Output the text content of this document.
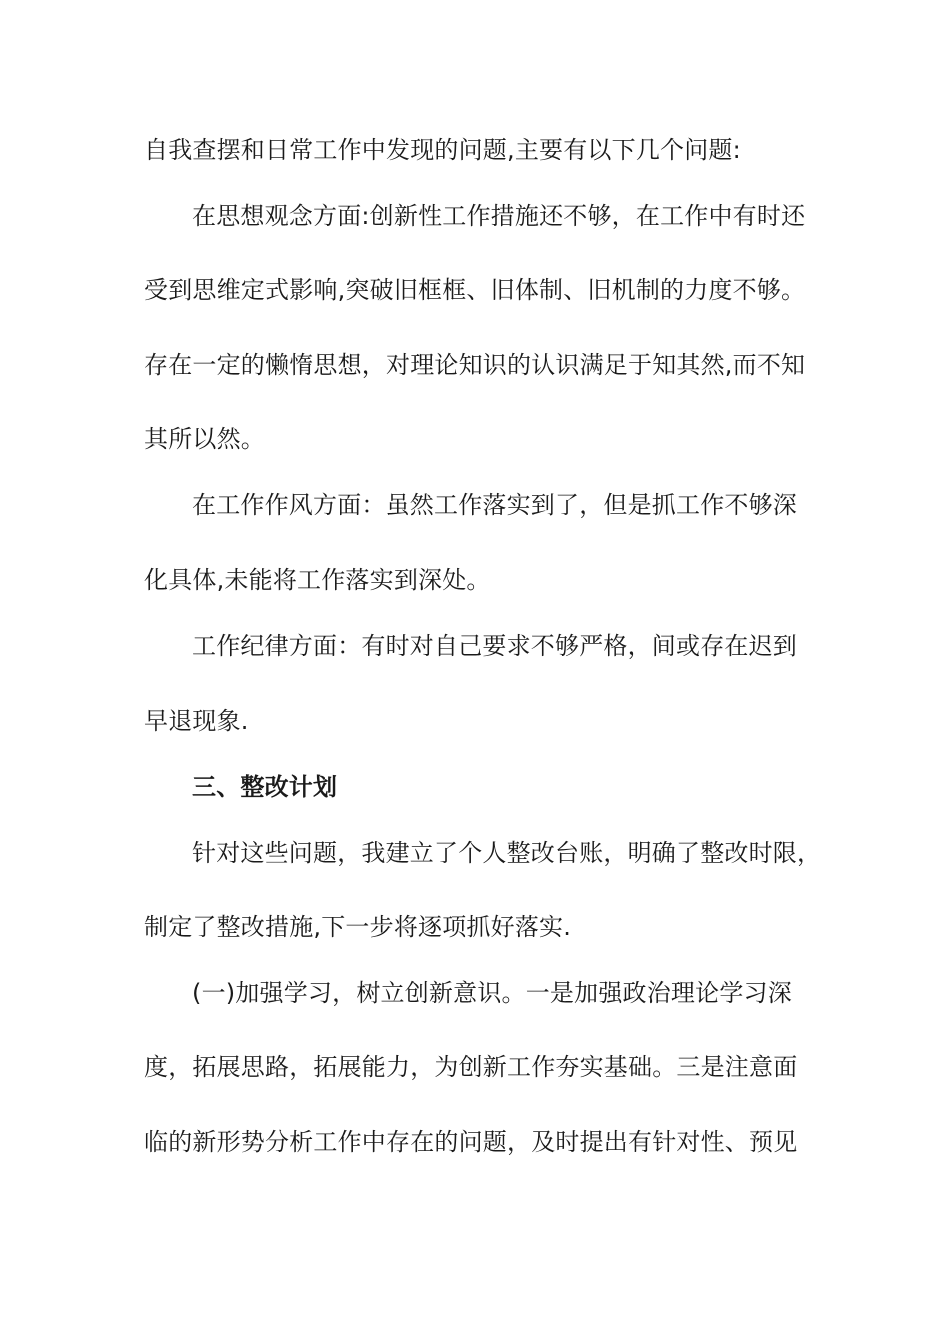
自我查摆和日常工作中发现的问题,主要有以下几个问题:
在思想观念方面:创新性工作措施还不够，在工作中有时还
受到思维定式影响,突破旧框框、旧体制、旧机制的力度不够。
存在一定的懒惰思想，对理论知识的认识满足于知其然,而不知
其所以然。
在工作作风方面：虽然工作落实到了，但是抓工作不够深
化具体,未能将工作落实到深处。
工作纪律方面：有时对自己要求不够严格，间或存在迟到
早退现象.
三、整改计划
针对这些问题，我建立了个人整改台账，明确了整改时限，
制定了整改措施,下一步将逐项抓好落实.
(一)加强学习，树立创新意识。一是加强政治理论学习深
度，拓展思路，拓展能力，为创新工作夯实基础。三是注意面
临的新形势分析工作中存在的问题，及时提出有针对性、预见
